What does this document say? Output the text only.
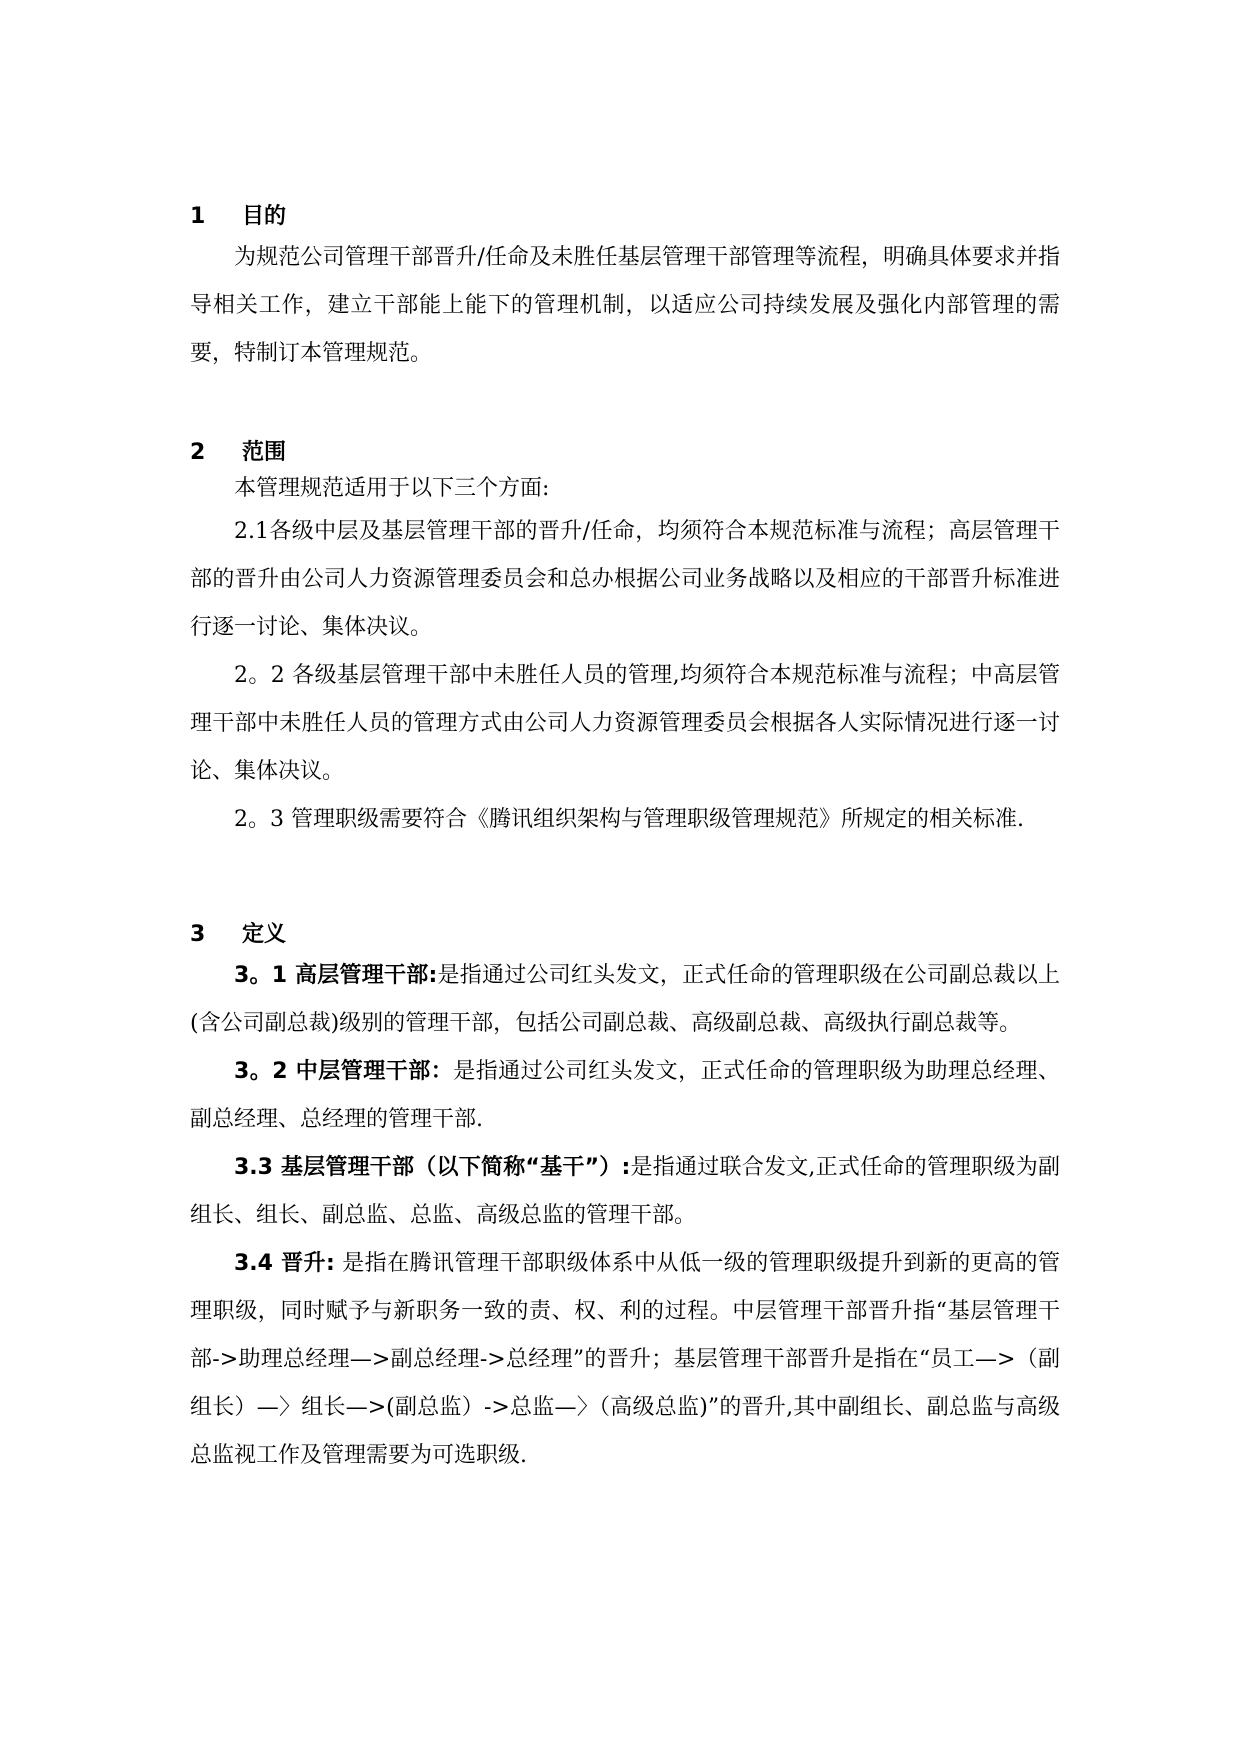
1	目的

为规范公司管理干部晋升/任命及未胜任基层管理干部管理等流程，明确具体要求并指导相关工作，建立干部能上能下的管理机制，以适应公司持续发展及强化内部管理的需要，特制订本管理规范。

2	范围

本管理规范适用于以下三个方面:

2.1各级中层及基层管理干部的晋升/任命，均须符合本规范标准与流程；高层管理干部的晋升由公司人力资源管理委员会和总办根据公司业务战略以及相应的干部晋升标准进行逐一讨论、集体决议。

2。2 各级基层管理干部中未胜任人员的管理,均须符合本规范标准与流程；中高层管理干部中未胜任人员的管理方式由公司人力资源管理委员会根据各人实际情况进行逐一讨论、集体决议。

2。3 管理职级需要符合《腾讯组织架构与管理职级管理规范》所规定的相关标准.

3	定义

3。1 高层管理干部:是指通过公司红头发文，正式任命的管理职级在公司副总裁以上(含公司副总裁)级别的管理干部，包括公司副总裁、高级副总裁、高级执行副总裁等。

3。2 中层管理干部：是指通过公司红头发文，正式任命的管理职级为助理总经理、副总经理、总经理的管理干部.

3.3 基层管理干部（以下简称“基干”）:是指通过联合发文,正式任命的管理职级为副组长、组长、副总监、总监、高级总监的管理干部。

3.4 晋升: 是指在腾讯管理干部职级体系中从低一级的管理职级提升到新的更高的管理职级，同时赋予与新职务一致的责、权、利的过程。中层管理干部晋升指“基层管理干部->助理总经理—>副总经理->总经理”的晋升；基层管理干部晋升是指在“员工—>（副组长）—〉组长—>(副总监）->总监—〉（高级总监)”的晋升,其中副组长、副总监与高级总监视工作及管理需要为可选职级.
